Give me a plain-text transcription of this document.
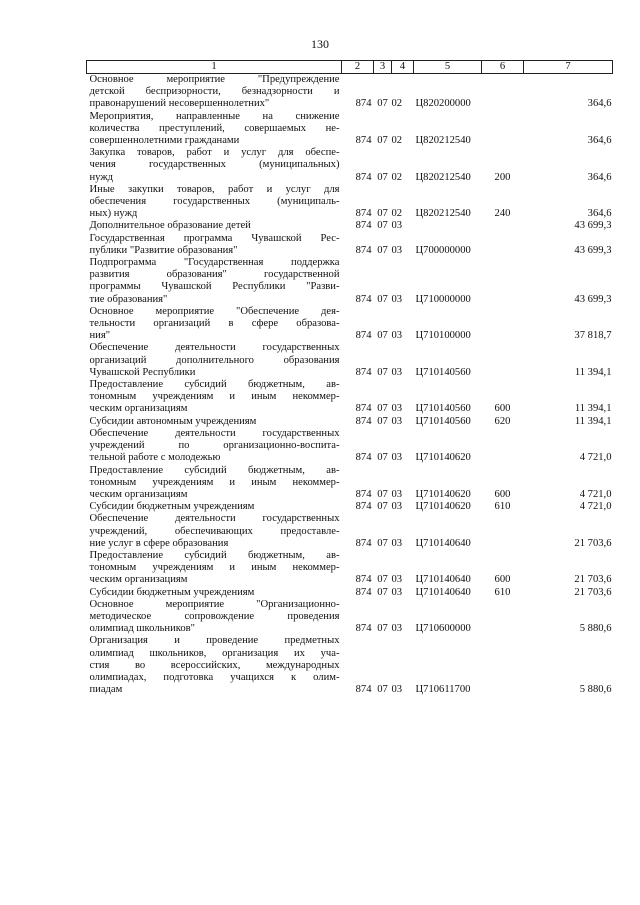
130
1	2	3	4	5	6	7

Основное мероприятие "Предупреждение
детской беспризорности, безнадзорности и
правонарушений несовершеннолетних"	874	07	02	Ц820200000		364,6

Мероприятия, направленные на снижение
количества преступлений, совершаемых не-
совершеннолетними гражданами	874	07	02	Ц820212540		364,6

Закупка товаров, работ и услуг для обеспе-
чения государственных (муниципальных)
нужд	874	07	02	Ц820212540	200	364,6

Иные закупки товаров, работ и услуг для
обеспечения государственных (муниципаль-
ных) нужд	874	07	02	Ц820212540	240	364,6

Дополнительное образование детей	874	07	03			43 699,3

Государственная программа Чувашской Рес-
публики "Развитие образования"	874	07	03	Ц700000000		43 699,3

Подпрограмма "Государственная поддержка
развития образования" государственной
программы Чувашской Республики "Разви-
тие образования"	874	07	03	Ц710000000		43 699,3

Основное мероприятие "Обеспечение дея-
тельности организаций в сфере образова-
ния"	874	07	03	Ц710100000		37 818,7

Обеспечение деятельности государственных
организаций дополнительного образования
Чувашской Республики	874	07	03	Ц710140560		11 394,1

Предоставление субсидий бюджетным, ав-
тономным учреждениям и иным некоммер-
ческим организациям	874	07	03	Ц710140560	600	11 394,1

Субсидии автономным учреждениям	874	07	03	Ц710140560	620	11 394,1

Обеспечение деятельности государственных
учреждений по организационно-воспита-
тельной работе с молодежью	874	07	03	Ц710140620		4 721,0

Предоставление субсидий бюджетным, ав-
тономным учреждениям и иным некоммер-
ческим организациям	874	07	03	Ц710140620	600	4 721,0

Субсидии бюджетным учреждениям	874	07	03	Ц710140620	610	4 721,0

Обеспечение деятельности государственных
учреждений, обеспечивающих предоставле-
ние услуг в сфере образования	874	07	03	Ц710140640		21 703,6

Предоставление субсидий бюджетным, ав-
тономным учреждениям и иным некоммер-
ческим организациям	874	07	03	Ц710140640	600	21 703,6

Субсидии бюджетным учреждениям	874	07	03	Ц710140640	610	21 703,6

Основное мероприятие "Организационно-
методическое сопровождение проведения
олимпиад школьников"	874	07	03	Ц710600000		5 880,6

Организация и проведение предметных
олимпиад школьников, организация их уча-
стия во всероссийских, международных
олимпиадах, подготовка учащихся к олим-
пиадам	874	07	03	Ц710611700		5 880,6
